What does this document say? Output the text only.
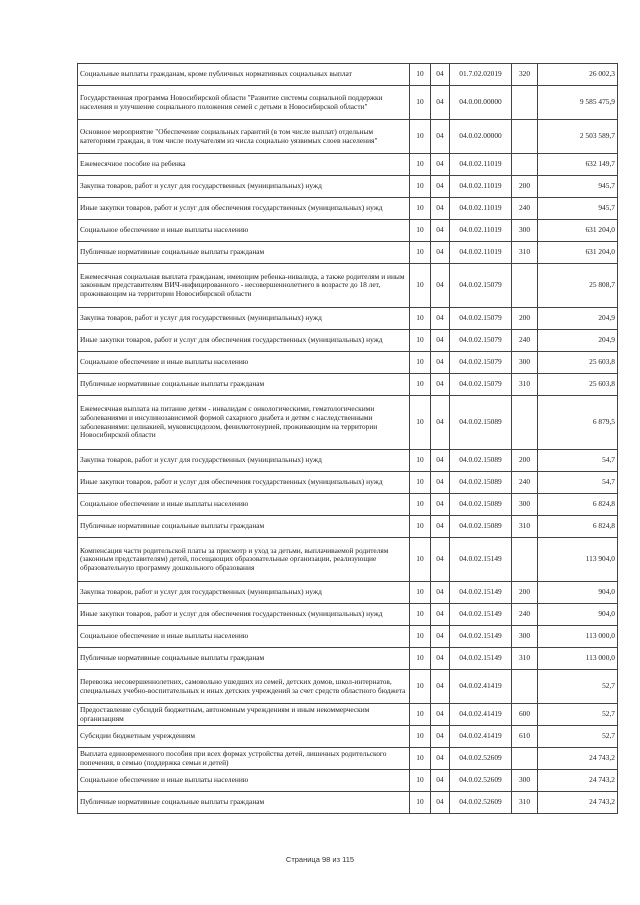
Социальные выплаты гражданам, кроме публичных нормативных социальных выплат	10	04	01.7.02.02019	320	26 002,3
Государственная программа Новосибирской области "Развитие системы социальной поддержки населения и улучшение социального положения семей с детьми в Новосибирской области"	10	04	04.0.00.00000		9 585 475,9
Основное мероприятие "Обеспечение социальных гарантий (в том числе выплат) отдельным категориям граждан, в том числе получателям из числа социально уязвимых слоев населения"	10	04	04.0.02.00000		2 503 589,7
Ежемесячное пособие на ребенка	10	04	04.0.02.11019		632 149,7
Закупка товаров, работ и услуг для государственных (муниципальных) нужд	10	04	04.0.02.11019	200	945,7
Иные закупки товаров, работ и услуг для обеспечения государственных (муниципальных) нужд	10	04	04.0.02.11019	240	945,7
Социальное обеспечение и иные выплаты населению	10	04	04.0.02.11019	300	631 204,0
Публичные нормативные социальные выплаты гражданам	10	04	04.0.02.11019	310	631 204,0
Ежемесячная социальная выплата гражданам, имеющим ребенка-инвалида, а также родителям и иным законным представителям ВИЧ-инфицированного - несовершеннолетнего в возрасте до 18 лет, проживающим на территории Новосибирской области	10	04	04.0.02.15079		25 808,7
Закупка товаров, работ и услуг для государственных (муниципальных) нужд	10	04	04.0.02.15079	200	204,9
Иные закупки товаров, работ и услуг для обеспечения государственных (муниципальных) нужд	10	04	04.0.02.15079	240	204,9
Социальное обеспечение и иные выплаты населению	10	04	04.0.02.15079	300	25 603,8
Публичные нормативные социальные выплаты гражданам	10	04	04.0.02.15079	310	25 603,8
Ежемесячная выплата на питание детям - инвалидам с онкологическими, гематологическими заболеваниями и инсулинозависимой формой сахарного диабета и детям с наследственными заболеваниями: целиакией, муковисцидозом, фенилкетонурией, проживающим на территории Новосибирской области	10	04	04.0.02.15089		6 879,5
Закупка товаров, работ и услуг для государственных (муниципальных) нужд	10	04	04.0.02.15089	200	54,7
Иные закупки товаров, работ и услуг для обеспечения государственных (муниципальных) нужд	10	04	04.0.02.15089	240	54,7
Социальное обеспечение и иные выплаты населению	10	04	04.0.02.15089	300	6 824,8
Публичные нормативные социальные выплаты гражданам	10	04	04.0.02.15089	310	6 824,8
Компенсация части родительской платы за присмотр и уход за детьми, выплачиваемой родителям (законным представителям) детей, посещающих образовательные организации, реализующие образовательную программу дошкольного образования	10	04	04.0.02.15149		113 904,0
Закупка товаров, работ и услуг для государственных (муниципальных) нужд	10	04	04.0.02.15149	200	904,0
Иные закупки товаров, работ и услуг для обеспечения государственных (муниципальных) нужд	10	04	04.0.02.15149	240	904,0
Социальное обеспечение и иные выплаты населению	10	04	04.0.02.15149	300	113 000,0
Публичные нормативные социальные выплаты гражданам	10	04	04.0.02.15149	310	113 000,0
Перевозка несовершеннолетних, самовольно ушедших из семей, детских домов, школ-интернатов, специальных учебно-воспитательных и иных детских учреждений за счет средств областного бюджета	10	04	04.0.02.41419		52,7
Предоставление субсидий бюджетным, автономным учреждениям и иным некоммерческим организациям	10	04	04.0.02.41419	600	52,7
Субсидии бюджетным учреждениям	10	04	04.0.02.41419	610	52,7
Выплата единовременного пособия при всех формах устройства детей, лишенных родительского попечения, в семью (поддержка семьи и детей)	10	04	04.0.02.52609		24 743,2
Социальное обеспечение и иные выплаты населению	10	04	04.0.02.52609	300	24 743,2
Публичные нормативные социальные выплаты гражданам	10	04	04.0.02.52609	310	24 743,2
Страница 98 из 115
